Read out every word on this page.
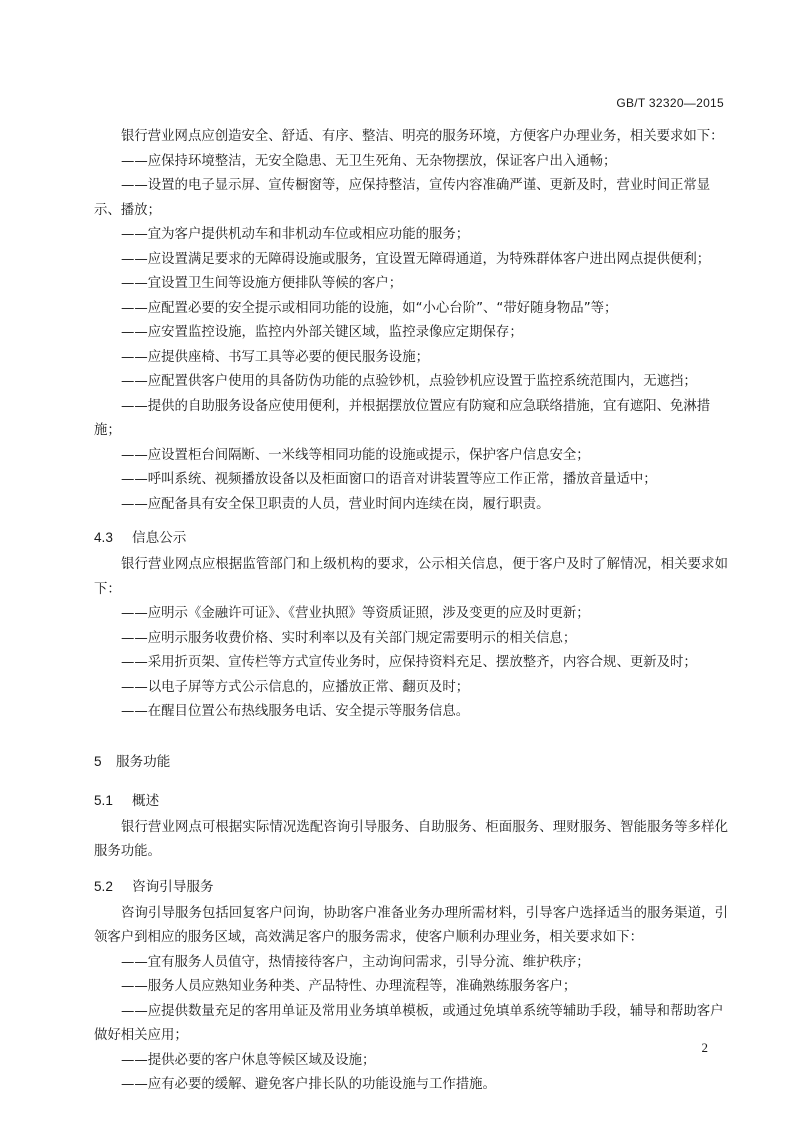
GB/T 32320—2015

银行营业网点应创造安全、舒适、有序、整洁、明亮的服务环境，方便客户办理业务，相关要求如下：

——应保持环境整洁，无安全隐患、无卫生死角、无杂物摆放，保证客户出入通畅；

——设置的电子显示屏、宣传橱窗等，应保持整洁，宣传内容准确严谨、更新及时，营业时间正常显示、播放；

——宜为客户提供机动车和非机动车位或相应功能的服务；

——应设置满足要求的无障碍设施或服务，宜设置无障碍通道，为特殊群体客户进出网点提供便利；

——宜设置卫生间等设施方便排队等候的客户；

——应配置必要的安全提示或相同功能的设施，如“小心台阶”、“带好随身物品”等；

——应安置监控设施，监控内外部关键区域，监控录像应定期保存；

——应提供座椅、书写工具等必要的便民服务设施；

——应配置供客户使用的具备防伪功能的点验钞机，点验钞机应设置于监控系统范围内，无遮挡；

——提供的自助服务设备应使用便利，并根据摆放位置应有防窥和应急联络措施，宜有遮阳、免淋措施；

——应设置柜台间隔断、一米线等相同功能的设施或提示，保护客户信息安全；

——呼叫系统、视频播放设备以及柜面窗口的语音对讲装置等应工作正常，播放音量适中；

——应配备具有安全保卫职责的人员，营业时间内连续在岗，履行职责。

4.3 信息公示

银行营业网点应根据监管部门和上级机构的要求，公示相关信息，便于客户及时了解情况，相关要求如下：

——应明示《金融许可证》、《营业执照》等资质证照，涉及变更的应及时更新；

——应明示服务收费价格、实时利率以及有关部门规定需要明示的相关信息；

——采用折页架、宣传栏等方式宣传业务时，应保持资料充足、摆放整齐，内容合规、更新及时；

——以电子屏等方式公示信息的，应播放正常、翻页及时；

——在醒目位置公布热线服务电话、安全提示等服务信息。

5 服务功能

5.1 概述

银行营业网点可根据实际情况选配咨询引导服务、自助服务、柜面服务、理财服务、智能服务等多样化服务功能。

5.2 咨询引导服务

咨询引导服务包括回复客户问询，协助客户准备业务办理所需材料，引导客户选择适当的服务渠道，引领客户到相应的服务区域，高效满足客户的服务需求，使客户顺利办理业务，相关要求如下：

——宜有服务人员值守，热情接待客户，主动询问需求，引导分流、维护秩序；

——服务人员应熟知业务种类、产品特性、办理流程等，准确熟练服务客户；

——应提供数量充足的客用单证及常用业务填单模板，或通过免填单系统等辅助手段，辅导和帮助客户做好相关应用；

——提供必要的客户休息等候区域及设施；

——应有必要的缓解、避免客户排长队的功能设施与工作措施。

2
